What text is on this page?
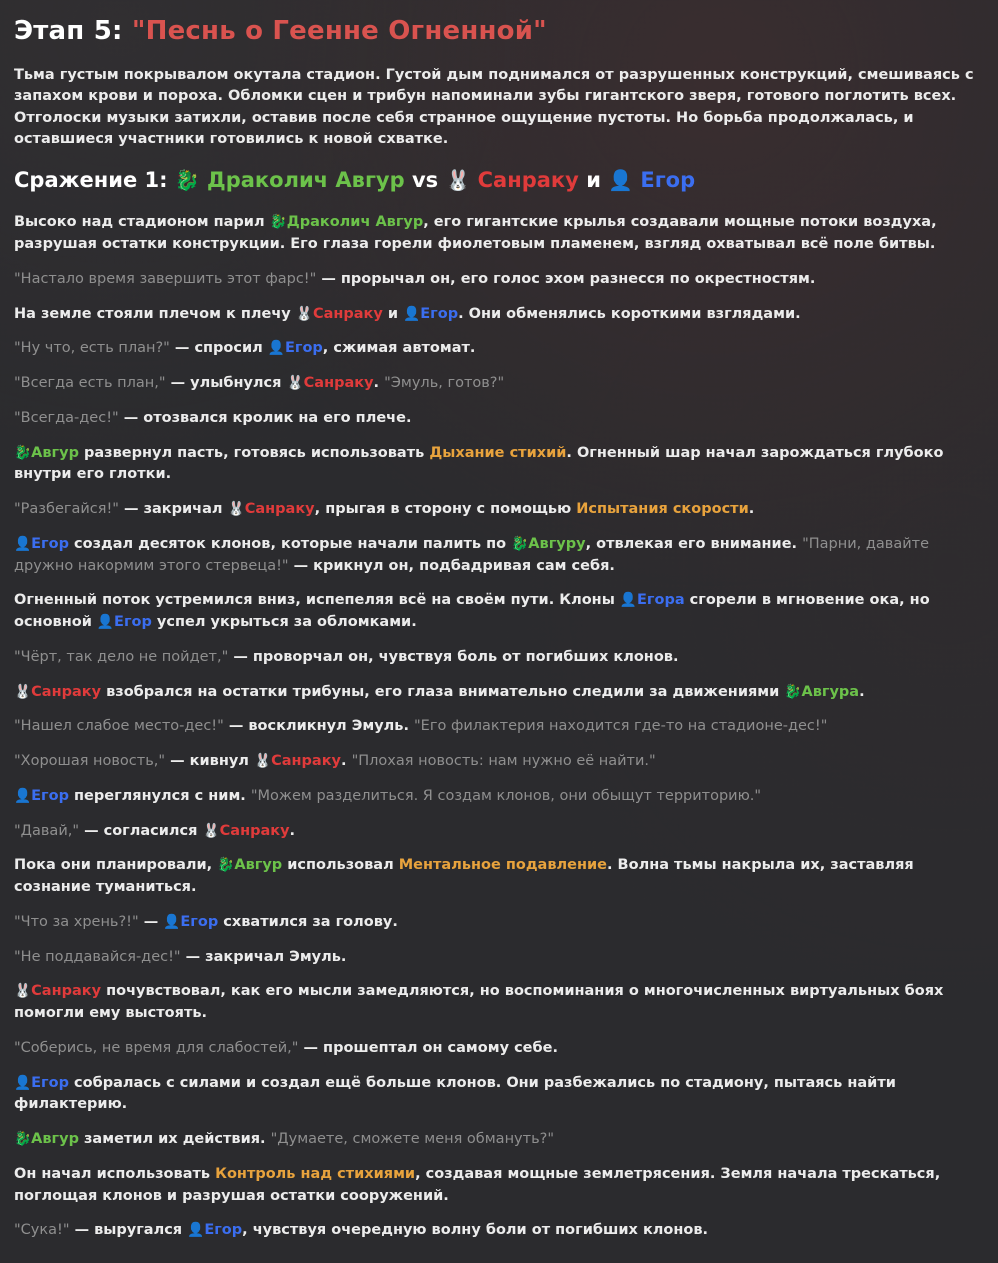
Этап 5: "Песнь о Геенне Огненной"

Тьма густым покрывалом окутала стадион. Густой дым поднимался от разрушенных конструкций, смешиваясь с запахом крови и пороха. Обломки сцен и трибун напоминали зубы гигантского зверя, готового поглотить всех. Отголоски музыки затихли, оставив после себя странное ощущение пустоты. Но борьба продолжалась, и оставшиеся участники готовились к новой схватке.

Сражение 1: 🐉 Драколич Авгур vs 🐰 Санраку и 👤 Егор

Высоко над стадионом парил 🐉Драколич Авгур, его гигантские крылья создавали мощные потоки воздуха, разрушая остатки конструкции. Его глаза горели фиолетовым пламенем, взгляд охватывал всё поле битвы.

"Настало время завершить этот фарс!" — прорычал он, его голос эхом разнесся по окрестностям.

На земле стояли плечом к плечу 🐰Санраку и 👤Егор. Они обменялись короткими взглядами.

"Ну что, есть план?" — спросил 👤Егор, сжимая автомат.

"Всегда есть план," — улыбнулся 🐰Санраку. "Эмуль, готов?"

"Всегда-дес!" — отозвался кролик на его плече.

🐉Авгур развернул пасть, готовясь использовать Дыхание стихий. Огненный шар начал зарождаться глубоко внутри его глотки.

"Разбегайся!" — закричал 🐰Санраку, прыгая в сторону с помощью Испытания скорости.

👤Егор создал десяток клонов, которые начали палить по 🐉Авгуру, отвлекая его внимание. "Парни, давайте дружно накормим этого стервеца!" — крикнул он, подбадривая сам себя.

Огненный поток устремился вниз, испепеляя всё на своём пути. Клоны 👤Егора сгорели в мгновение ока, но основной 👤Егор успел укрыться за обломками.

"Чёрт, так дело не пойдет," — проворчал он, чувствуя боль от погибших клонов.

🐰Санраку взобрался на остатки трибуны, его глаза внимательно следили за движениями 🐉Авгура.

"Нашел слабое место-дес!" — воскликнул Эмуль. "Его филактерия находится где-то на стадионе-дес!"

"Хорошая новость," — кивнул 🐰Санраку. "Плохая новость: нам нужно её найти."

👤Егор переглянулся с ним. "Можем разделиться. Я создам клонов, они обыщут территорию."

"Давай," — согласился 🐰Санраку.

Пока они планировали, 🐉Авгур использовал Ментальное подавление. Волна тьмы накрыла их, заставляя сознание туманиться.

"Что за хрень?!" — 👤Егор схватился за голову.

"Не поддавайся-дес!" — закричал Эмуль.

🐰Санраку почувствовал, как его мысли замедляются, но воспоминания о многочисленных виртуальных боях помогли ему выстоять.

"Соберись, не время для слабостей," — прошептал он самому себе.

👤Егор собралась с силами и создал ещё больше клонов. Они разбежались по стадиону, пытаясь найти филактерию.

🐉Авгур заметил их действия. "Думаете, сможете меня обмануть?"

Он начал использовать Контроль над стихиями, создавая мощные землетрясения. Земля начала трескаться, поглощая клонов и разрушая остатки сооружений.

"Сука!" — выругался 👤Егор, чувствуя очередную волну боли от погибших клонов.
